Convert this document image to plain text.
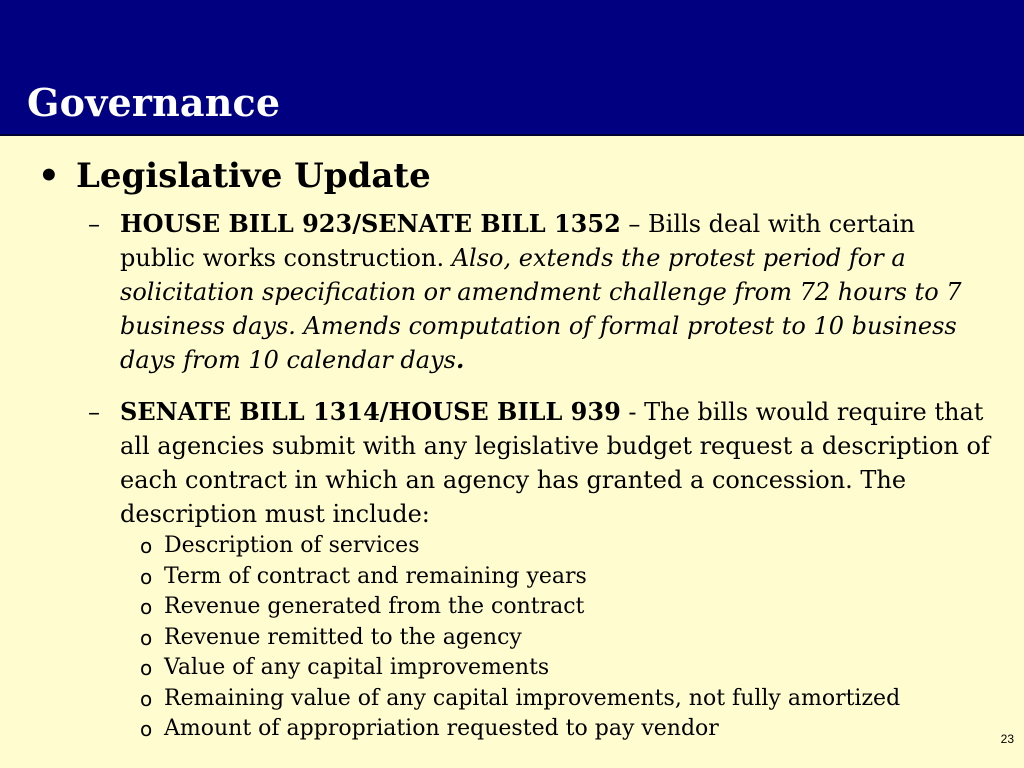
Governance
• Legislative Update
– HOUSE BILL 923/SENATE BILL 1352 – Bills deal with certain public works construction. Also, extends the protest period for a solicitation specification or amendment challenge from 72 hours to 7 business days. Amends computation of formal protest to 10 business days from 10 calendar days.
– SENATE BILL 1314/HOUSE BILL 939 - The bills would require that all agencies submit with any legislative budget request a description of each contract in which an agency has granted a concession. The description must include:
o Description of services
o Term of contract and remaining years
o Revenue generated from the contract
o Revenue remitted to the agency
o Value of any capital improvements
o Remaining value of any capital improvements, not fully amortized
o Amount of appropriation requested to pay vendor	23
